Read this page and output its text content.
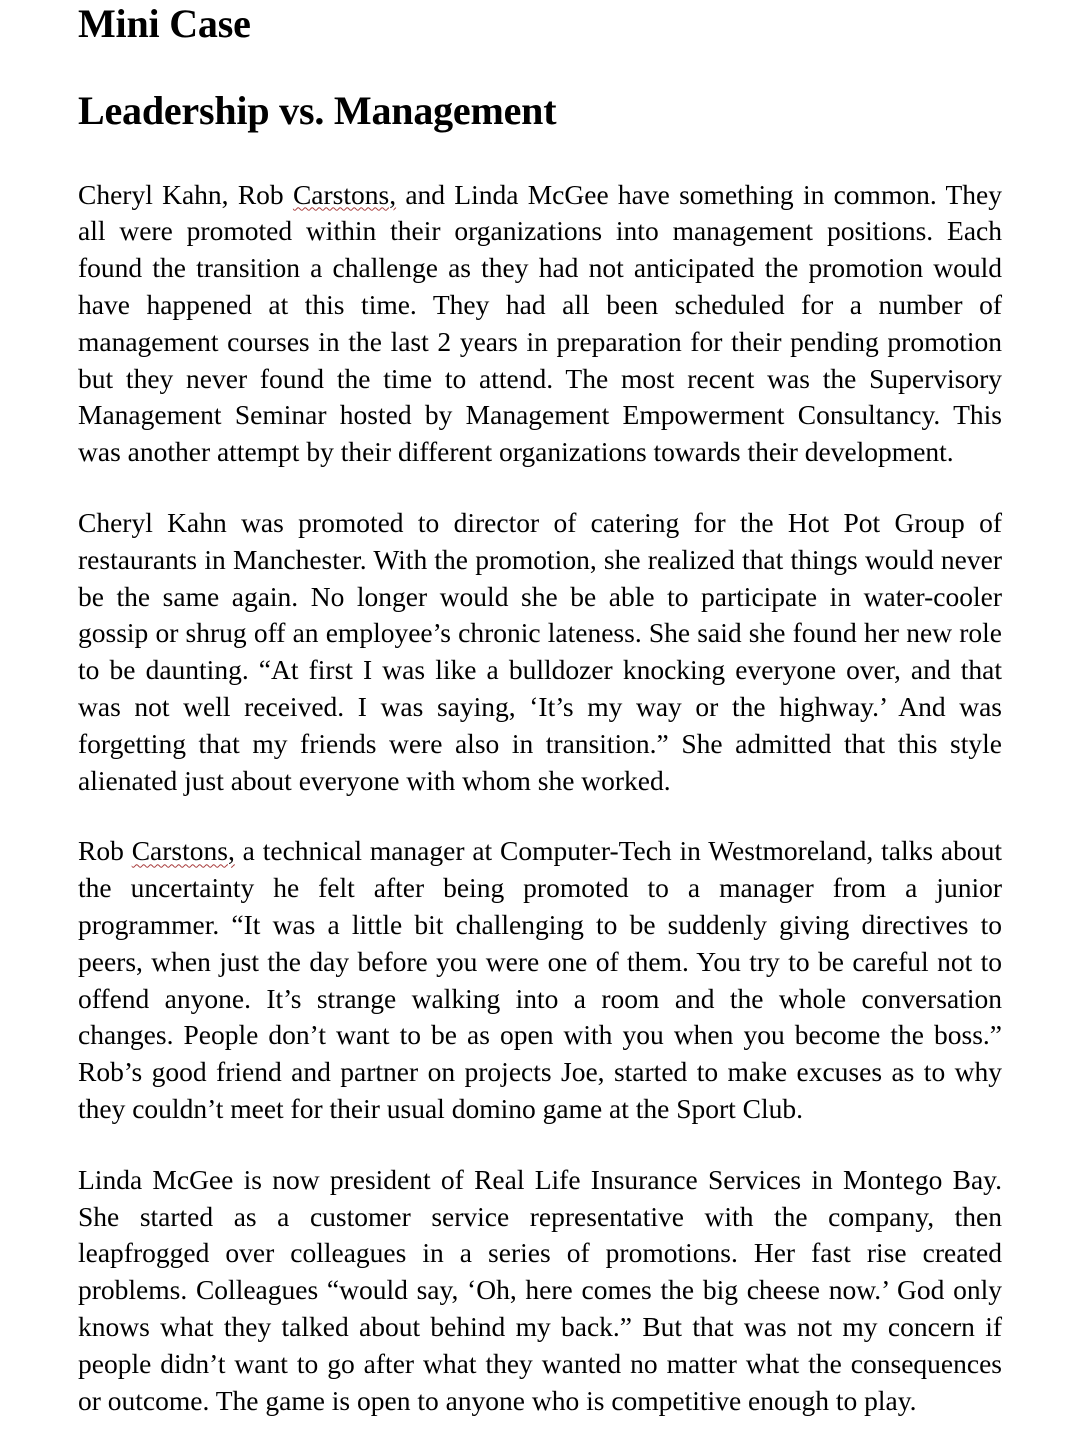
Mini Case
Leadership vs. Management

Cheryl Kahn, Rob Carstons, and Linda McGee have something in common. They all were promoted within their organizations into management positions. Each found the transition a challenge as they had not anticipated the promotion would have happened at this time. They had all been scheduled for a number of management courses in the last 2 years in preparation for their pending promotion but they never found the time to attend. The most recent was the Supervisory Management Seminar hosted by Management Empowerment Consultancy. This was another attempt by their different organizations towards their development.

Cheryl Kahn was promoted to director of catering for the Hot Pot Group of restaurants in Manchester. With the promotion, she realized that things would never be the same again. No longer would she be able to participate in water-cooler gossip or shrug off an employee’s chronic lateness. She said she found her new role to be daunting. “At first I was like a bulldozer knocking everyone over, and that was not well received. I was saying, ‘It’s my way or the highway.’ And was forgetting that my friends were also in transition.” She admitted that this style alienated just about everyone with whom she worked.

Rob Carstons, a technical manager at Computer-Tech in Westmoreland, talks about the uncertainty he felt after being promoted to a manager from a junior programmer. “It was a little bit challenging to be suddenly giving directives to peers, when just the day before you were one of them. You try to be careful not to offend anyone. It’s strange walking into a room and the whole conversation changes. People don’t want to be as open with you when you become the boss.” Rob’s good friend and partner on projects Joe, started to make excuses as to why they couldn’t meet for their usual domino game at the Sport Club.

Linda McGee is now president of Real Life Insurance Services in Montego Bay. She started as a customer service representative with the company, then leapfrogged over colleagues in a series of promotions. Her fast rise created problems. Colleagues “would say, ‘Oh, here comes the big cheese now.’ God only knows what they talked about behind my back.” But that was not my concern if people didn’t want to go after what they wanted no matter what the consequences or outcome. The game is open to anyone who is competitive enough to play.
